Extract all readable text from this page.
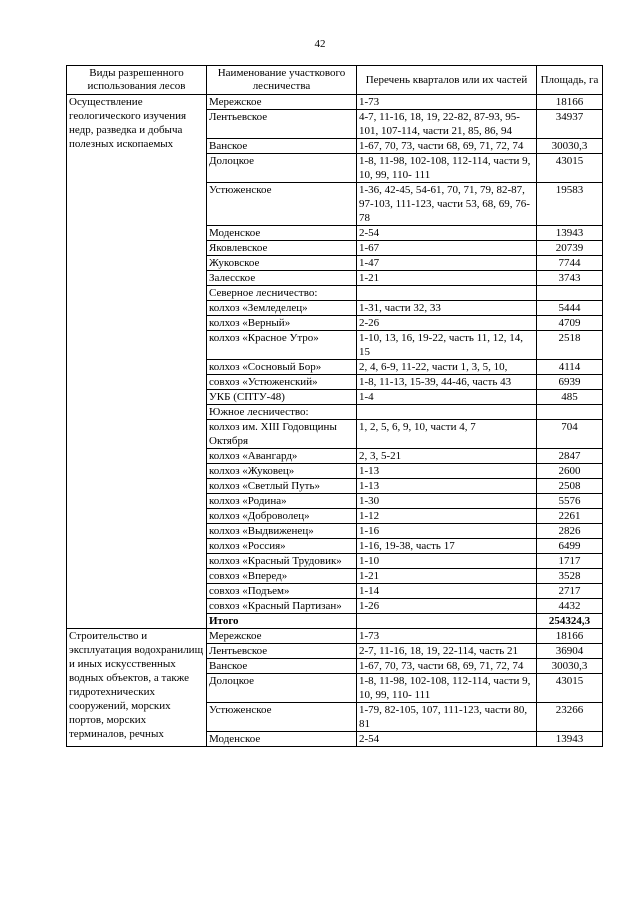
42
Виды разрешенного использования лесов	Наименование участкового лесничества	Перечень кварталов или их частей	Площадь, га
Осуществление геологического изучения недр, разведка и добыча полезных ископаемых	Мережское	1-73	18166
	Лентьевское	4-7, 11-16, 18, 19, 22-82, 87-93, 95-101, 107-114, части 21, 85, 86, 94	34937
	Ванское	1-67, 70, 73, части 68, 69, 71, 72, 74	30030,3
	Долоцкое	1-8, 11-98, 102-108, 112-114, части 9, 10, 99, 110- 111	43015
	Устюженское	1-36, 42-45, 54-61, 70, 71, 79, 82-87, 97-103, 111-123, части 53, 68, 69, 76-78	19583
	Моденское	2-54	13943
	Яковлевское	1-67	20739
	Жуковское	1-47	7744
	Залесское	1-21	3743
	Северное лесничество:		
	колхоз «Земледелец»	1-31, части 32, 33	5444
	колхоз «Верный»	2-26	4709
	колхоз «Красное Утро»	1-10, 13, 16, 19-22, часть 11, 12, 14, 15	2518
	колхоз «Сосновый Бор»	2, 4, 6-9, 11-22, части 1, 3, 5, 10,	4114
	совхоз «Устюженский»	1-8, 11-13, 15-39, 44-46, часть 43	6939
	УКБ (СПТУ-48)	1-4	485
	Южное лесничество:		
	колхоз им. XIII Годовщины Октября	1, 2, 5, 6, 9, 10, части 4, 7	704
	колхоз «Авангард»	2, 3, 5-21	2847
	колхоз «Жуковец»	1-13	2600
	колхоз «Светлый Путь»	1-13	2508
	колхоз «Родина»	1-30	5576
	колхоз «Доброволец»	1-12	2261
	колхоз «Выдвиженец»	1-16	2826
	колхоз «Россия»	1-16, 19-38, часть 17	6499
	колхоз «Красный Трудовик»	1-10	1717
	совхоз «Вперед»	1-21	3528
	совхоз «Подъем»	1-14	2717
	совхоз «Красный Партизан»	1-26	4432
	Итого		254324,3
Строительство и эксплуатация водохранилищ и иных искусственных водных объектов, а также гидротехнических сооружений, морских портов, морских терминалов, речных	Мережское	1-73	18166
	Лентьевское	2-7, 11-16, 18, 19, 22-114, часть 21	36904
	Ванское	1-67, 70, 73, части 68, 69, 71, 72, 74	30030,3
	Долоцкое	1-8, 11-98, 102-108, 112-114, части 9, 10, 99, 110- 111	43015
	Устюженское	1-79, 82-105, 107, 111-123, части 80, 81	23266
	Моденское	2-54	13943
